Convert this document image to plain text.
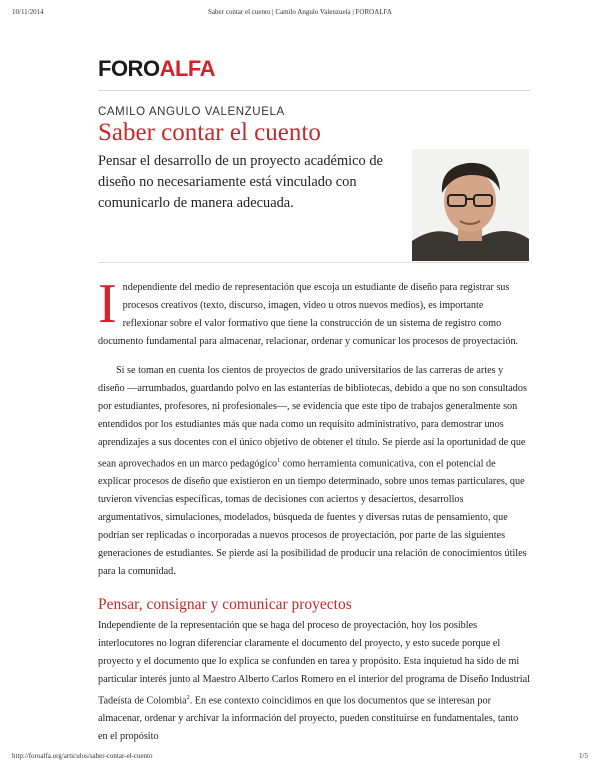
10/11/2014	Saber contar el cuento | Camilo Angulo Valenzuela | FOROALFA
FOROALFA
CAMILO ANGULO VALENZUELA
Saber contar el cuento
Pensar el desarrollo de un proyecto académico de diseño no necesariamente está vinculado con comunicarlo de manera adecuada.
Independiente del medio de representación que escoja un estudiante de diseño para registrar sus procesos creativos (texto, discurso, imagen, video u otros nuevos medios), es importante reflexionar sobre el valor formativo que tiene la construcción de un sistema de registro como documento fundamental para almacenar, relacionar, ordenar y comunicar los procesos de proyectación.
Si se toman en cuenta los cientos de proyectos de grado universitarios de las carreras de artes y diseño —arrumbados, guardando polvo en las estanterías de bibliotecas, debido a que no son consultados por estudiantes, profesores, ni profesionales—, se evidencia que este tipo de trabajos generalmente son entendidos por los estudiantes más que nada como un requisito administrativo, para demostrar unos aprendizajes a sus docentes con el único objetivo de obtener el título. Se pierde así la oportunidad de que sean aprovechados en un marco pedagógico$^1$ como herramienta comunicativa, con el potencial de explicar procesos de diseño que existieron en un tiempo determinado, sobre unos temas particulares, que tuvieron vivencias específicas, tomas de decisiones con aciertos y desaciertos, desarrollos argumentativos, simulaciones, modelados, búsqueda de fuentes y diversas rutas de pensamiento, que podrían ser replicadas o incorporadas a nuevos procesos de proyectación, por parte de las siguientes generaciones de estudiantes. Se pierde así la posibilidad de producir una relación de conocimientos útiles para la comunidad.
Pensar, consignar y comunicar proyectos
Independiente de la representación que se haga del proceso de proyectación, hoy los posibles interlocutores no logran diferenciar claramente el documento del proyecto, y esto sucede porque el proyecto y el documento que lo explica se confunden en tarea y propósito. Esta inquietud ha sido de mi particular interés junto al Maestro Alberto Carlos Romero en el interior del programa de Diseño Industrial Tadeísta de Colombia$^2$. En ese contexto coincidimos en que los documentos que se interesan por almacenar, ordenar y archivar la información del proyecto, pueden constituirse en fundamentales, tanto en el propósito
http://foroalfa.org/articulos/saber-contar-el-cuento	1/5
